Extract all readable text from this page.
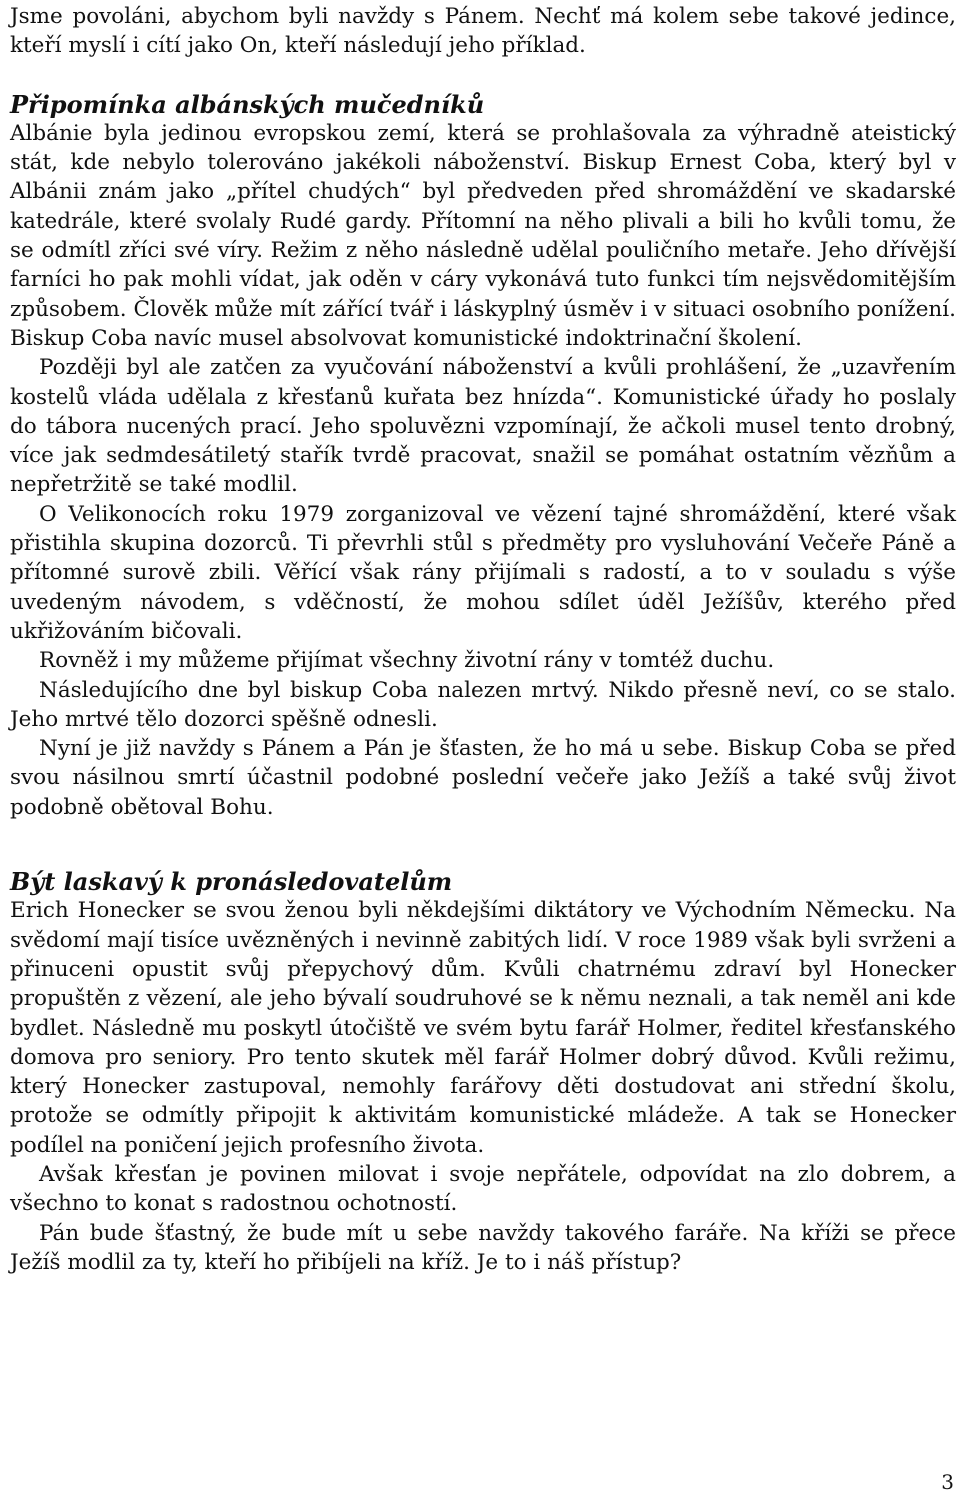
Jsme povoláni, abychom byli navždy s Pánem. Nechť má kolem sebe takové jedince, kteří myslí i cítí jako On, kteří následují jeho příklad.

Připomínka albánských mučedníků

Albánie byla jedinou evropskou zemí, která se prohlašovala za výhradně ateistický stát, kde nebylo tolerováno jakékoli náboženství. Biskup Ernest Coba, který byl v Albánii znám jako „přítel chudých“ byl předveden před shromáždění ve skadarské katedrále, které svolaly Rudé gardy. Přítomní na něho plivali a bili ho kvůli tomu, že se odmítl zříci své víry. Režim z něho následně udělal pouličního metaře. Jeho dřívější farníci ho pak mohli vídat, jak oděn v cáry vykonává tuto funkci tím nejsvědomitějším způsobem. Člověk může mít zářící tvář i láskyplný úsměv i v situaci osobního ponížení. Biskup Coba navíc musel absolvovat komunistické indoktrinační školení.

Později byl ale zatčen za vyučování náboženství a kvůli prohlášení, že „uzavřením kostelů vláda udělala z křesťanů kuřata bez hnízda“. Komunistické úřady ho poslaly do tábora nucených prací. Jeho spoluvězni vzpomínají, že ačkoli musel tento drobný, více jak sedmdesátiletý stařík tvrdě pracovat, snažil se pomáhat ostatním vězňům a nepřetržitě se také modlil.

O Velikonocích roku 1979 zorganizoval ve vězení tajné shromáždění, které však přistihla skupina dozorců. Ti převrhli stůl s předměty pro vysluhování Večeře Páně a přítomné surově zbili. Věřící však rány přijímali s radostí, a to v souladu s výše uvedeným návodem, s vděčností, že mohou sdílet úděl Ježíšův, kterého před ukřižováním bičovali.

Rovněž i my můžeme přijímat všechny životní rány v tomtéž duchu.

Následujícího dne byl biskup Coba nalezen mrtvý. Nikdo přesně neví, co se stalo. Jeho mrtvé tělo dozorci spěšně odnesli.

Nyní je již navždy s Pánem a Pán je šťasten, že ho má u sebe. Biskup Coba se před svou násilnou smrtí účastnil podobné poslední večeře jako Ježíš a také svůj život podobně obětoval Bohu.

Být laskavý k pronásledovatelům

Erich Honecker se svou ženou byli někdejšími diktátory ve Východním Německu. Na svědomí mají tisíce uvězněných i nevinně zabitých lidí. V roce 1989 však byli svrženi a přinuceni opustit svůj přepychový dům. Kvůli chatrnému zdraví byl Honecker propuštěn z vězení, ale jeho bývalí soudruhové se k němu neznali, a tak neměl ani kde bydlet. Následně mu poskytl útočiště ve svém bytu farář Holmer, ředitel křesťanského domova pro seniory. Pro tento skutek měl farář Holmer dobrý důvod. Kvůli režimu, který Honecker zastupoval, nemohly farářovy děti dostudovat ani střední školu, protože se odmítly připojit k aktivitám komunistické mládeže. A tak se Honecker podílel na poničení jejich profesního života.

Avšak křesťan je povinen milovat i svoje nepřátele, odpovídat na zlo dobrem, a všechno to konat s radostnou ochotností.

Pán bude šťastný, že bude mít u sebe navždy takového faráře. Na kříži se přece Ježíš modlil za ty, kteří ho přibíjeli na kříž. Je to i náš přístup?

3
